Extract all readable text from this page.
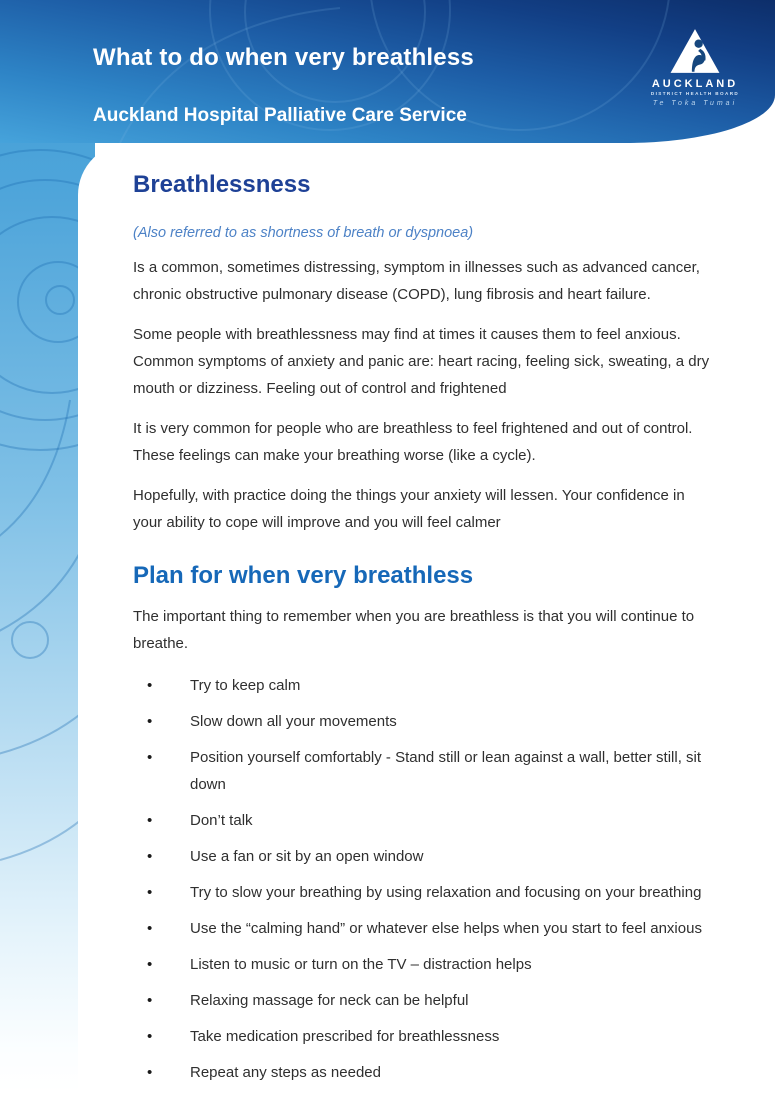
What to do when very breathless
Auckland Hospital Palliative Care Service
AUCKLAND
DISTRICT HEALTH BOARD
Te Toka Tumai
Breathlessness

(Also referred to as shortness of breath or dyspnoea)

Is a common, sometimes distressing, symptom in illnesses such as advanced cancer, chronic obstructive pulmonary disease (COPD), lung fibrosis and heart failure.

Some people with breathlessness may find at times it causes them to feel anxious. Common symptoms of anxiety and panic are: heart racing, feeling sick, sweating, a dry mouth or dizziness. Feeling out of control and frightened

It is very common for people who are breathless to feel frightened and out of control. These feelings can make your breathing worse (like a cycle).

Hopefully, with practice doing the things your anxiety will lessen. Your confidence in your ability to cope will improve and you will feel calmer

Plan for when very breathless

The important thing to remember when you are breathless is that you will continue to breathe.

•	Try to keep calm
•	Slow down all your movements
•	Position yourself comfortably - Stand still or lean against a wall, better still, sit down
•	Don’t talk
•	Use a fan or sit by an open window
•	Try to slow your breathing by using relaxation and focusing on your breathing
•	Use the “calming hand” or whatever else helps when you start to feel anxious
•	Listen to music or turn on the TV – distraction helps
•	Relaxing massage for neck can be helpful
•	Take medication prescribed for breathlessness
•	Repeat any steps as needed
